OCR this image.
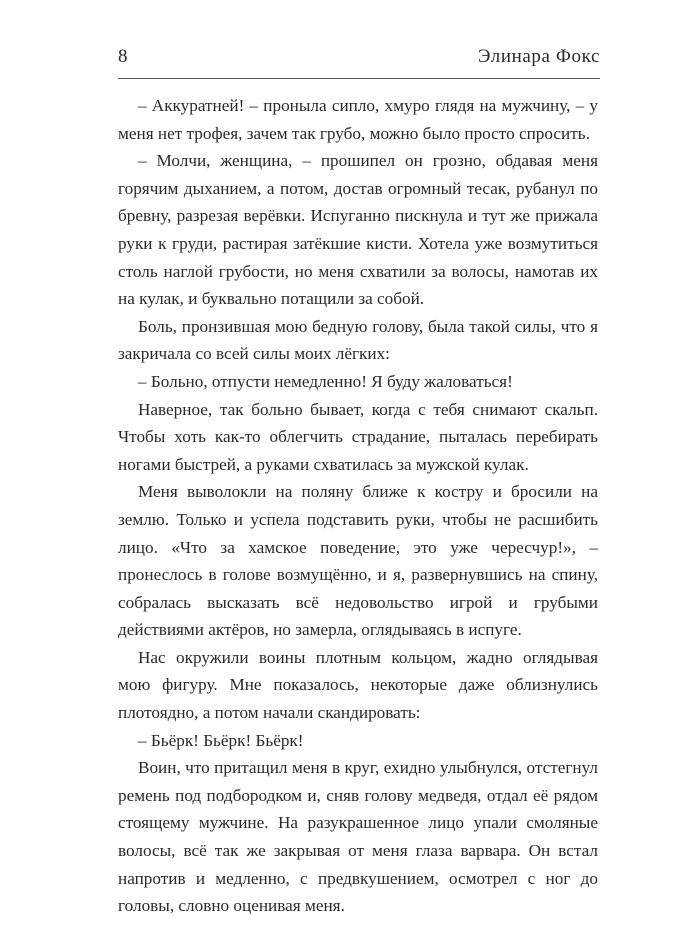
8	Элинара Фокс

– Аккуратней! – проныла сипло, хмуро глядя на мужчину, – у меня нет трофея, зачем так грубо, можно было просто спросить.

– Молчи, женщина, – прошипел он грозно, обдавая меня горячим дыханием, а потом, достав огромный тесак, рубанул по бревну, разрезая верёвки. Испуганно пискнула и тут же прижала руки к груди, растирая затёкшие кисти. Хотела уже возмутиться столь наглой грубости, но меня схватили за волосы, намотав их на кулак, и буквально потащили за собой.

Боль, пронзившая мою бедную голову, была такой силы, что я закричала со всей силы моих лёгких:

– Больно, отпусти немедленно! Я буду жаловаться!

Наверное, так больно бывает, когда с тебя снимают скальп. Чтобы хоть как-то облегчить страдание, пыталась перебирать ногами быстрей, а руками схватилась за мужской кулак.

Меня выволокли на поляну ближе к костру и бросили на землю. Только и успела подставить руки, чтобы не расшибить лицо. «Что за хамское поведение, это уже чересчур!», – пронеслось в голове возмущённо, и я, развернувшись на спину, собралась высказать всё недовольство игрой и грубыми действиями актёров, но замерла, оглядываясь в испуге.

Нас окружили воины плотным кольцом, жадно оглядывая мою фигуру. Мне показалось, некоторые даже облизнулись плотоядно, а потом начали скандировать:

– Бьёрк! Бьёрк! Бьёрк!

Воин, что притащил меня в круг, ехидно улыбнулся, отстегнул ремень под подбородком и, сняв голову медведя, отдал её рядом стоящему мужчине. На разукрашенное лицо упали смоляные волосы, всё так же закрывая от меня глаза варвара. Он встал напротив и медленно, с предвкушением, осмотрел с ног до головы, словно оценивая меня.
